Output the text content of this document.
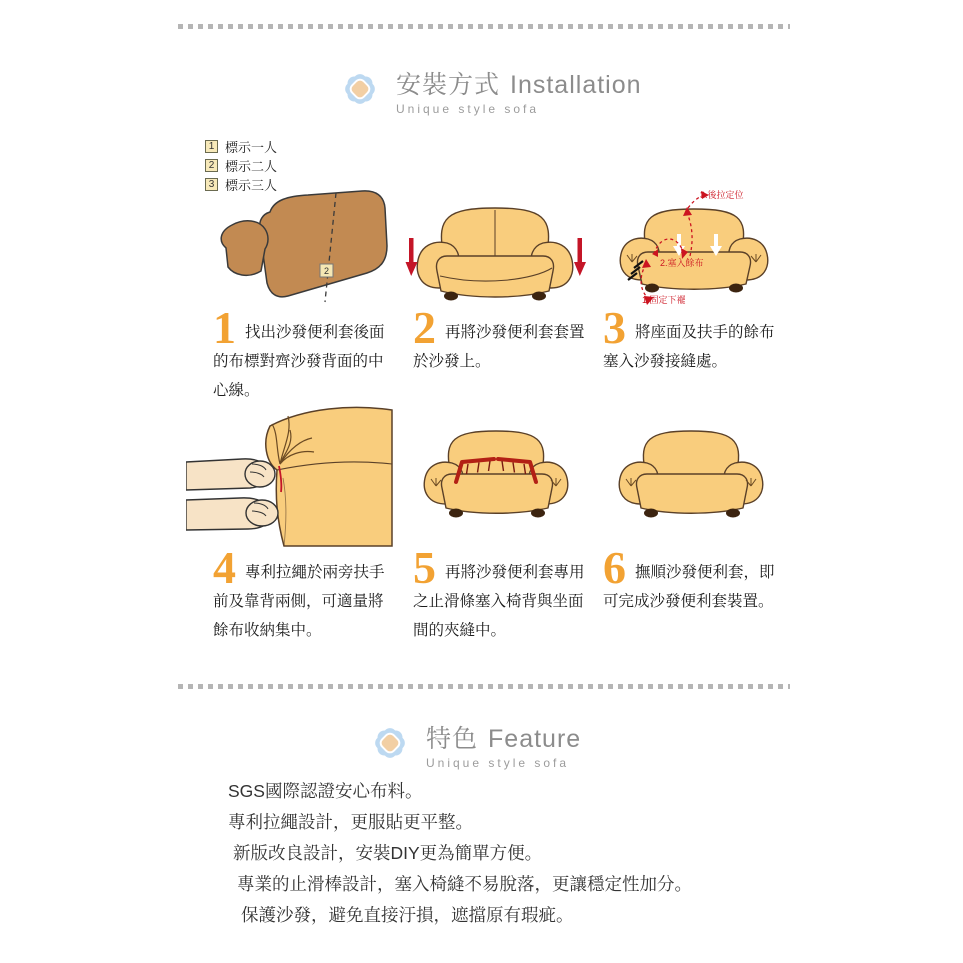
安裝方式 Installation
Unique style sofa
1 標示一人
2 標示二人
3 標示三人
2
3.後拉定位
2.塞入餘布
1.固定下襬
1 找出沙發便利套後面的布標對齊沙發背面的中心線。

2 再將沙發便利套套置於沙發上。

3 將座面及扶手的餘布塞入沙發接縫處。

4 專利拉繩於兩旁扶手前及靠背兩側，可適量將餘布收納集中。

5 再將沙發便利套專用之止滑條塞入椅背與坐面間的夾縫中。

6 撫順沙發便利套，即可完成沙發便利套裝置。

特色 Feature
Unique style sofa
SGS國際認證安心布料。
專利拉繩設計，更服貼更平整。
新版改良設計，安裝DIY更為簡單方便。
專業的止滑棒設計，塞入椅縫不易脫落，更讓穩定性加分。
保護沙發，避免直接汙損，遮擋原有瑕疵。
